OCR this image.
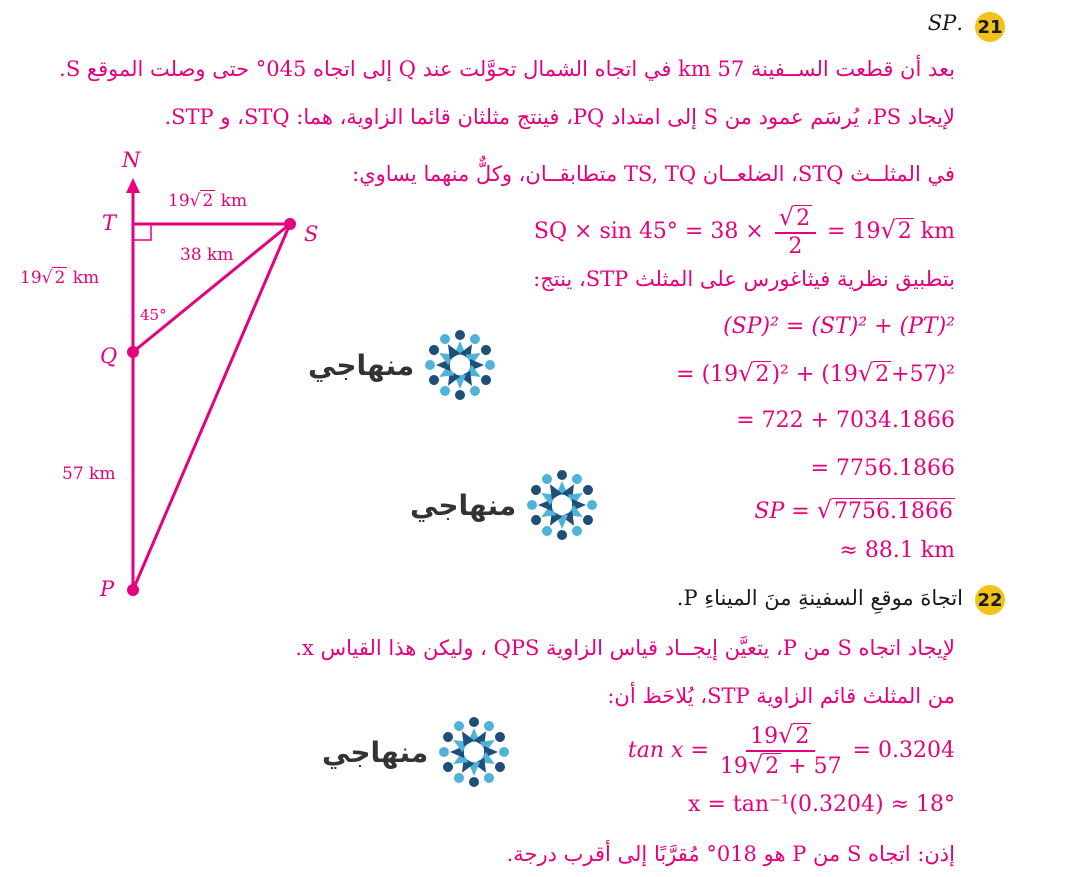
21
.SP
بعد أن قطعت الســفينة 57 km في اتجاه الشمال تحوَّلت عند Q إلى اتجاه 045° حتى وصلت الموقع S.
لإيجاد PS، يُرسَم عمود من S إلى امتداد PQ، فينتج مثلثان قائما الزاوية، هما: STQ، و STP.
في المثلــث STQ، الضلعــان TS, TQ متطابقــان، وكلٌّ منهما يساوي:
SQ × $\sin 45^\circ = 38 \times \frac{√2}{2} = 19√2$ km
بتطبيق نظرية فيثاغورس على المثلث STP، ينتج:
(SP)² = (ST)² + (PT)²
= (19√2)² + (19√2+57)²
= 722 + 7034.1866
= 7756.1866
SP = √7756.1866
≈ 88.1 km
22
اتجاهَ موقعِ السفينةِ منَ الميناءِ P.
لإيجاد اتجاه S من P، يتعيَّن إيجــاد قياس الزاوية QPS ، وليكن هذا القياس x.
من المثلث قائم الزاوية STP، يُلاحَظ أن:
$\tan x = \frac{19√2}{19√2 + 57} = 0.3204$
x = tan⁻¹(0.3204) ≈ 18°
إذن: اتجاه S من P هو 018° مُقرَّبًا إلى أقرب درجة.
N
T	S
Q
P
19√ 2 km
38 km
19√ 2 km
45°
57 km
منهاجي
منهاجي
منهاجي
